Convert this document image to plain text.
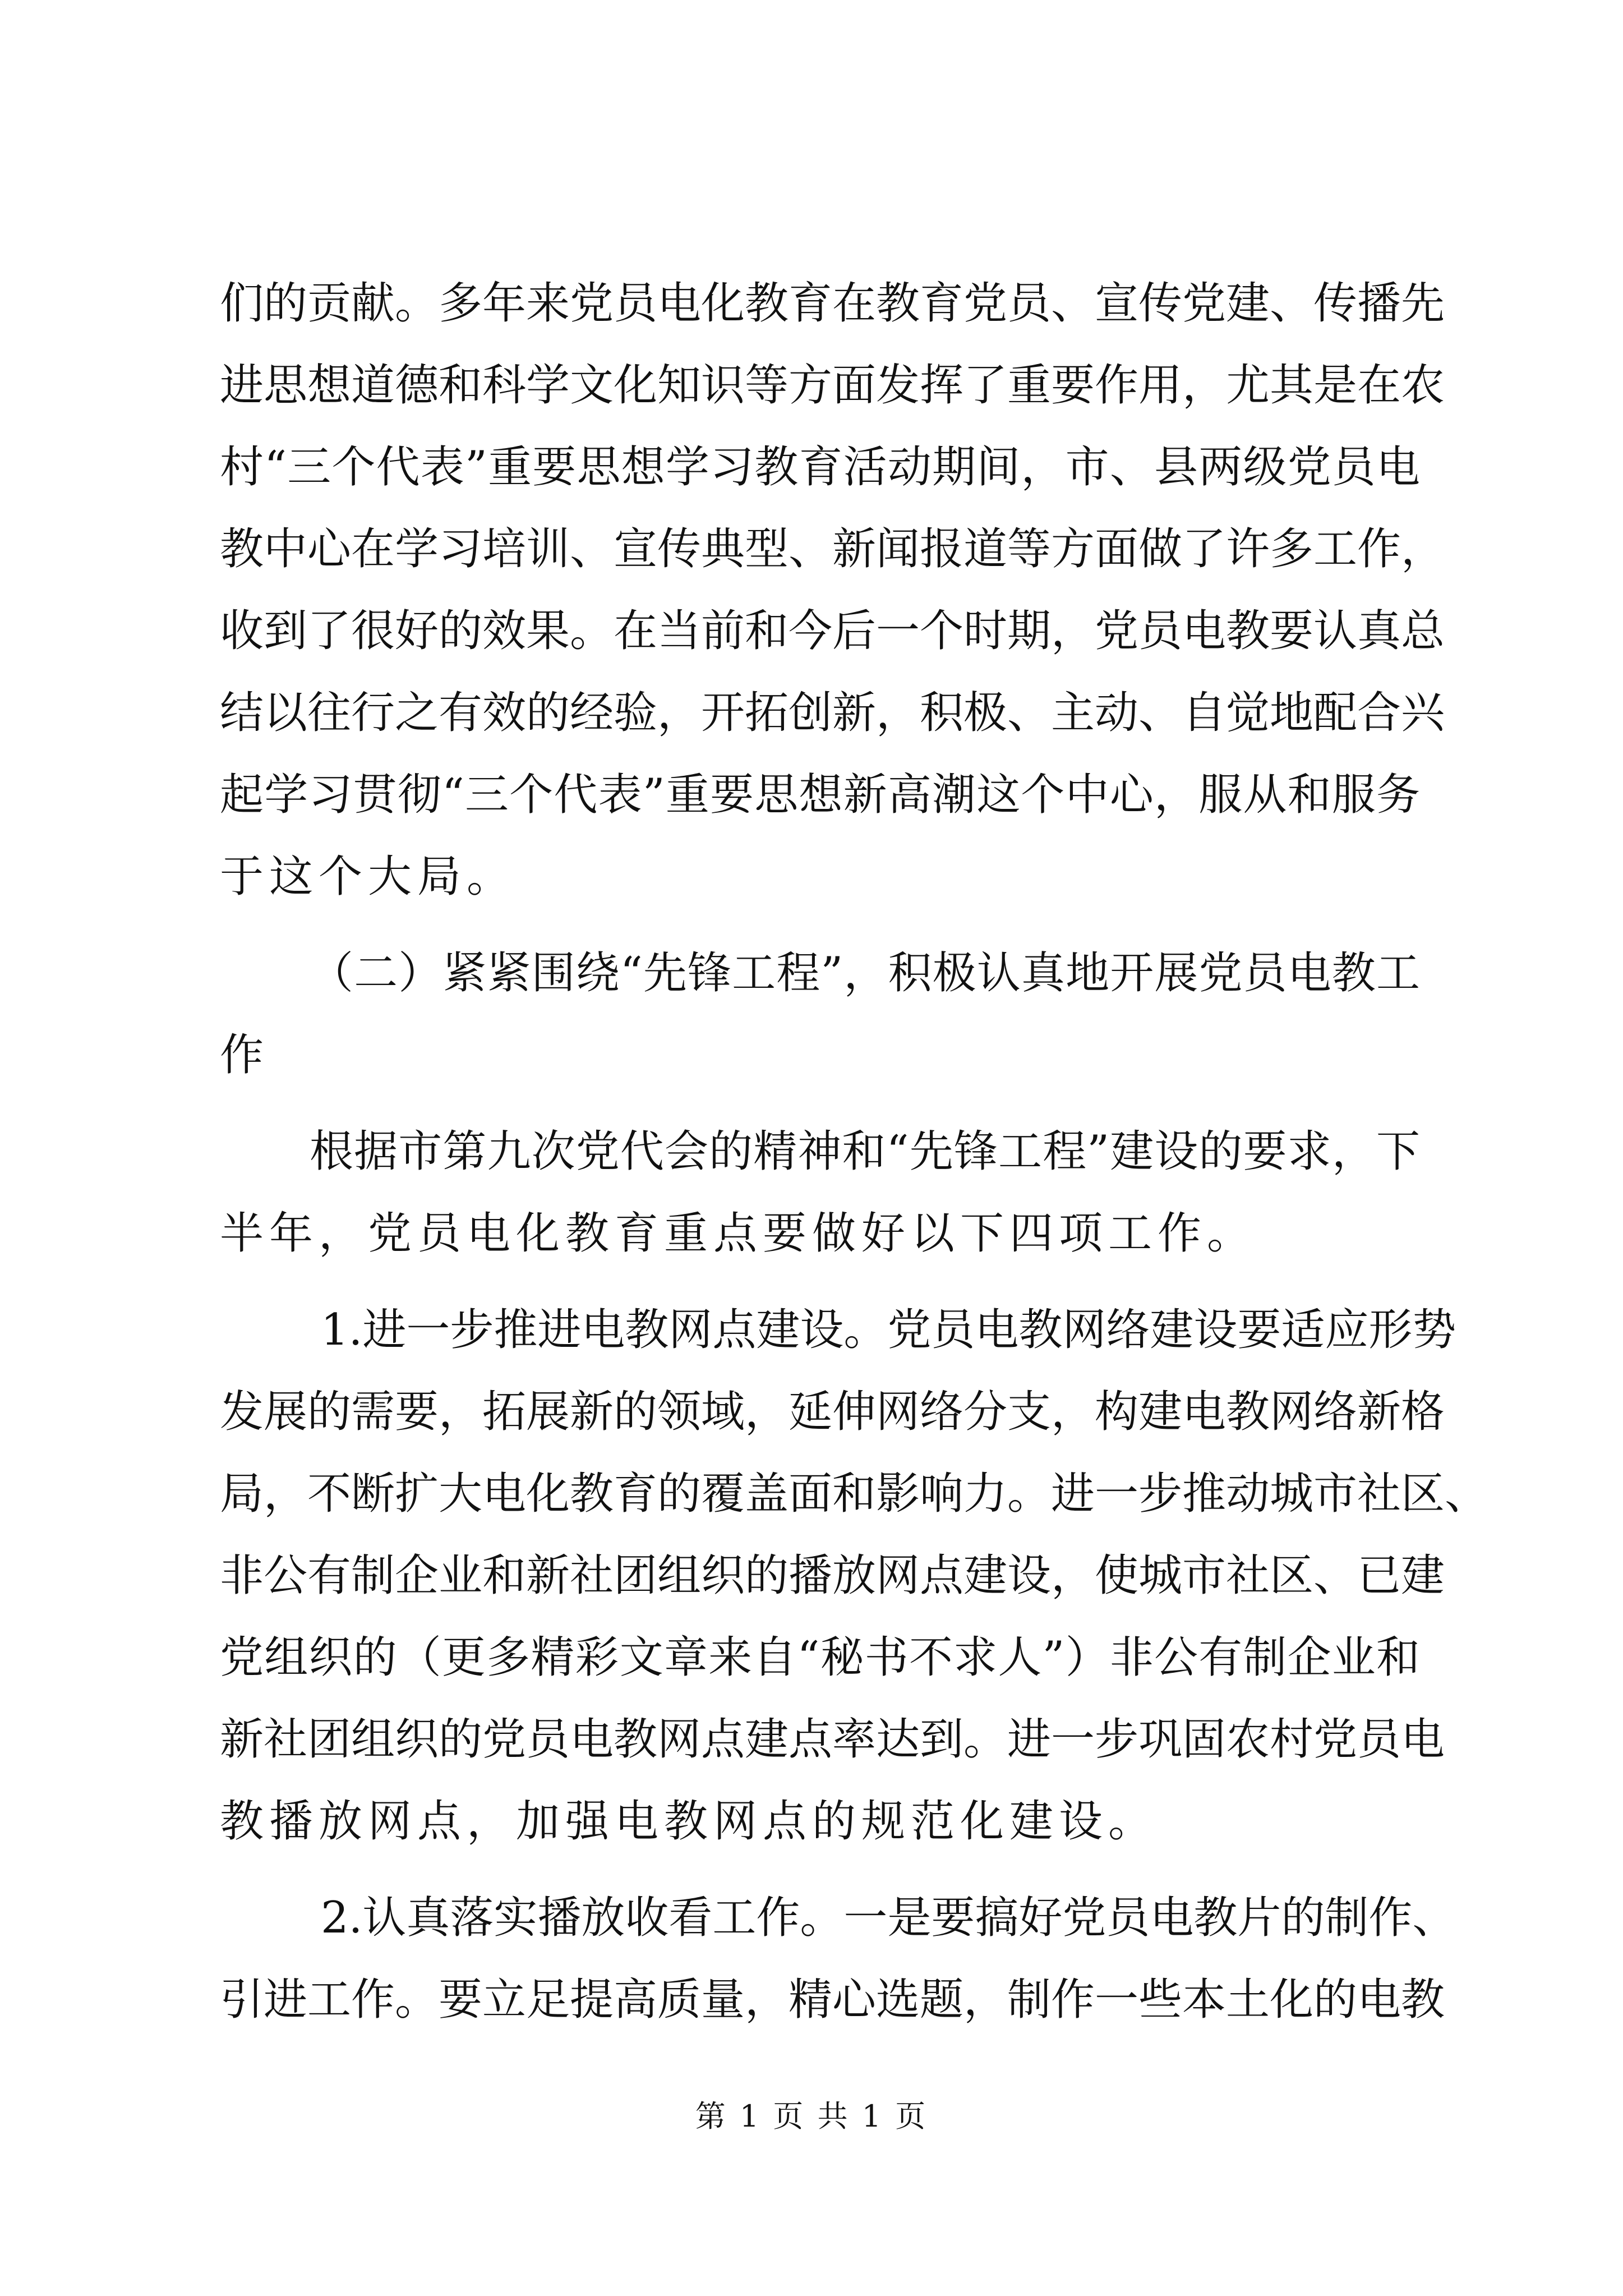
们的贡献。多年来党员电化教育在教育党员、宣传党建、传播先
进思想道德和科学文化知识等方面发挥了重要作用，尤其是在农
村“三个代表”重要思想学习教育活动期间，市、县两级党员电
教中心在学习培训、宣传典型、新闻报道等方面做了许多工作，
收到了很好的效果。在当前和今后一个时期，党员电教要认真总
结以往行之有效的经验，开拓创新，积极、主动、自觉地配合兴
起学习贯彻“三个代表”重要思想新高潮这个中心，服从和服务
于这个大局。
（二）紧紧围绕“先锋工程”，积极认真地开展党员电教工
作
根据市第九次党代会的精神和“先锋工程”建设的要求，下
半年，党员电化教育重点要做好以下四项工作。
1.进一步推进电教网点建设。党员电教网络建设要适应形势
发展的需要，拓展新的领域，延伸网络分支，构建电教网络新格
局，不断扩大电化教育的覆盖面和影响力。进一步推动城市社区、
非公有制企业和新社团组织的播放网点建设，使城市社区、已建
党组织的（更多精彩文章来自“秘书不求人”）非公有制企业和
新社团组织的党员电教网点建点率达到。进一步巩固农村党员电
教播放网点，加强电教网点的规范化建设。
2.认真落实播放收看工作。一是要搞好党员电教片的制作、
引进工作。要立足提高质量，精心选题，制作一些本土化的电教
第 1 页 共 1 页
